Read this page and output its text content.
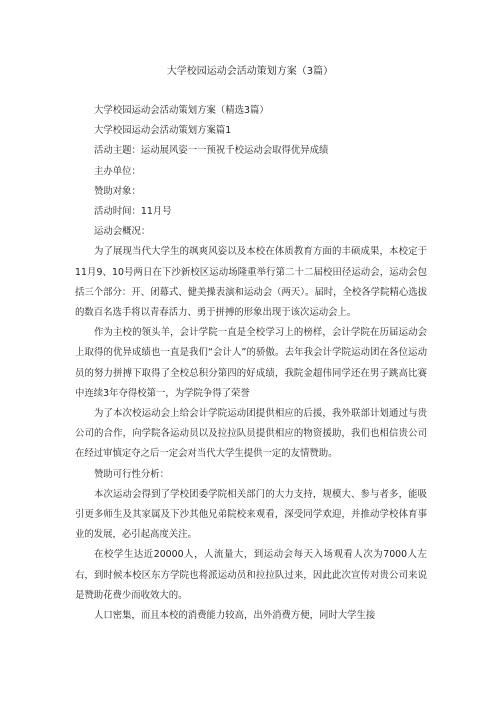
大学校园运动会活动策划方案（3篇）
大学校园运动会活动策划方案（精选3篇）
大学校园运动会活动策划方案篇1
活动主题：运动展风姿一一预祝千校运动会取得优异成绩
主办单位：
赞助对象：
活动时间：11月号
运动会概况：

为了展现当代大学生的飒爽风姿以及本校在体质教育方面的丰硕成果，本校定于11月9、10号两日在下沙新校区运动场隆重举行第二十二届校田径运动会，运动会包括三个部分：开、闭幕式、健美操表演和运动会（两天）。届时，全校各学院精心选拔的数百名选手将以青春活力、勇于拼搏的形象出现于该次运动会上。

作为主校的领头羊，会计学院一直是全校学习上的榜样，会计学院在历届运动会上取得的优异成绩也一直是我们“会计人”的骄傲。去年我会计学院运动团在各位运动员的努力拼搏下取得了全校总积分第四的好成绩，我院金超伟同学还在男子跳高比赛中连续3年夺得校第一，为学院争得了荣誉

为了本次校运动会上给会计学院运动团提供相应的后援，我外联部计划通过与贵公司的合作，向学院各运动员以及拉拉队员提供相应的物资援助，我们也相信贵公司在经过审慎定夺之后一定会对当代大学生提供一定的友情赞助。

赞助可行性分析：

本次运动会得到了学校团委学院相关部门的大力支持，规模大、参与者多，能吸引更多师生及其家属及下沙其他兄弟院校来观看，深受同学欢迎，并推动学校体育事业的发展，必引起高度关注。

在校学生达近20000人，人流量大，到运动会每天入场观看人次为7000人左右，到时候本校区东方学院也将派运动员和拉拉队过来，因此此次宣传对贵公司来说是赞助花费少而收效大的。

人口密集，而且本校的消费能力较高，出外消费方便，同时大学生接
